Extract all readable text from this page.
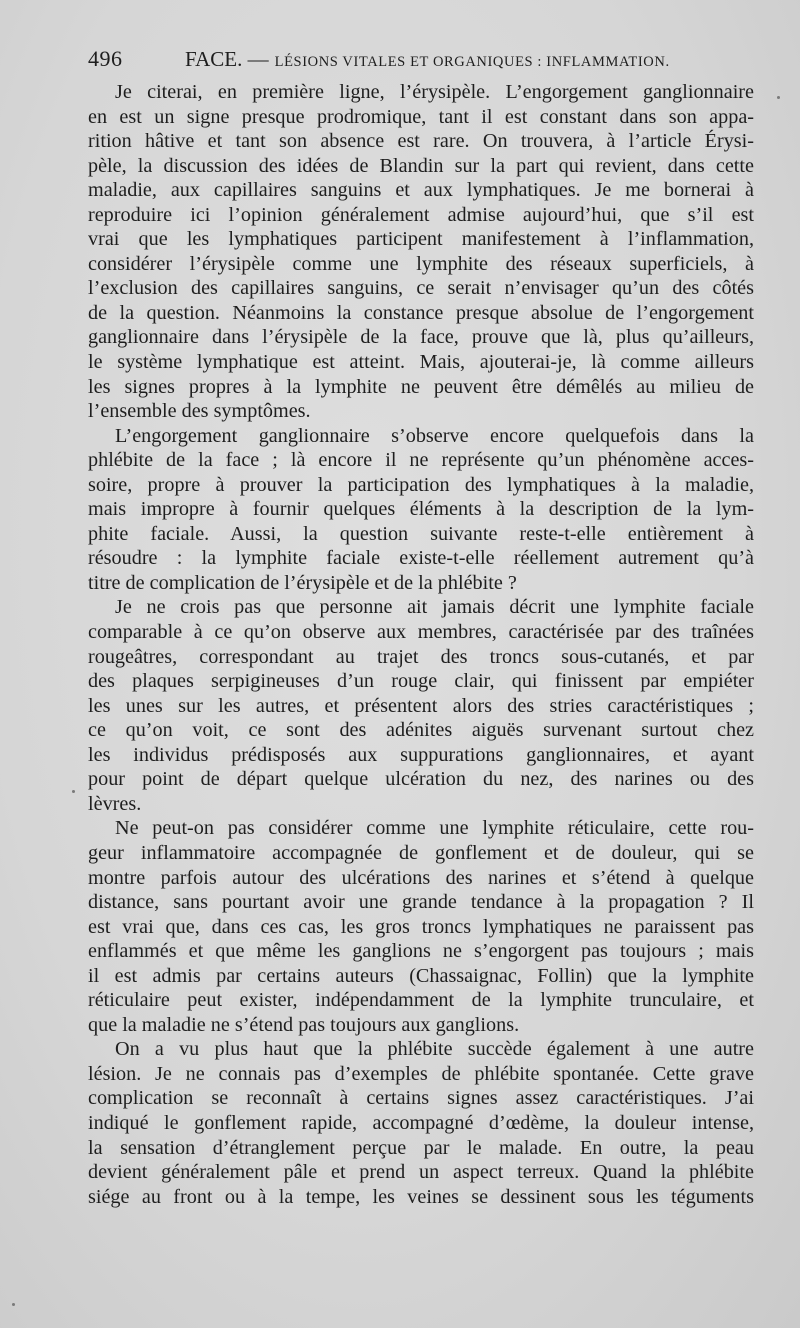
496	FACE. — LÉSIONS VITALES ET ORGANIQUES : INFLAMMATION.
Je citerai, en première ligne, l’érysipèle. L’engorgement ganglionnaire
en est un signe presque prodromique, tant il est constant dans son appa-
rition hâtive et tant son absence est rare. On trouvera, à l’article Érysi-
pèle, la discussion des idées de Blandin sur la part qui revient, dans cette
maladie, aux capillaires sanguins et aux lymphatiques. Je me bornerai à
reproduire ici l’opinion généralement admise aujourd’hui, que s’il est
vrai que les lymphatiques participent manifestement à l’inflammation,
considérer l’érysipèle comme une lymphite des réseaux superficiels, à
l’exclusion des capillaires sanguins, ce serait n’envisager qu’un des côtés
de la question. Néanmoins la constance presque absolue de l’engorgement
ganglionnaire dans l’érysipèle de la face, prouve que là, plus qu’ailleurs,
le système lymphatique est atteint. Mais, ajouterai-je, là comme ailleurs
les signes propres à la lymphite ne peuvent être démêlés au milieu de
l’ensemble des symptômes.
L’engorgement ganglionnaire s’observe encore quelquefois dans la
phlébite de la face ; là encore il ne représente qu’un phénomène acces-
soire, propre à prouver la participation des lymphatiques à la maladie,
mais impropre à fournir quelques éléments à la description de la lym-
phite faciale. Aussi, la question suivante reste-t-elle entièrement à
résoudre : la lymphite faciale existe-t-elle réellement autrement qu’à
titre de complication de l’érysipèle et de la phlébite ?
Je ne crois pas que personne ait jamais décrit une lymphite faciale
comparable à ce qu’on observe aux membres, caractérisée par des traînées
rougeâtres, correspondant au trajet des troncs sous-cutanés, et par
des plaques serpigineuses d’un rouge clair, qui finissent par empiéter
les unes sur les autres, et présentent alors des stries caractéristiques ;
ce qu’on voit, ce sont des adénites aiguës survenant surtout chez
les individus prédisposés aux suppurations ganglionnaires, et ayant
pour point de départ quelque ulcération du nez, des narines ou des
lèvres.
Ne peut-on pas considérer comme une lymphite réticulaire, cette rou-
geur inflammatoire accompagnée de gonflement et de douleur, qui se
montre parfois autour des ulcérations des narines et s’étend à quelque
distance, sans pourtant avoir une grande tendance à la propagation ? Il
est vrai que, dans ces cas, les gros troncs lymphatiques ne paraissent pas
enflammés et que même les ganglions ne s’engorgent pas toujours ; mais
il est admis par certains auteurs (Chassaignac, Follin) que la lymphite
réticulaire peut exister, indépendamment de la lymphite trunculaire, et
que la maladie ne s’étend pas toujours aux ganglions.
On a vu plus haut que la phlébite succède également à une autre
lésion. Je ne connais pas d’exemples de phlébite spontanée. Cette grave
complication se reconnaît à certains signes assez caractéristiques. J’ai
indiqué le gonflement rapide, accompagné d’œdème, la douleur intense,
la sensation d’étranglement perçue par le malade. En outre, la peau
devient généralement pâle et prend un aspect terreux. Quand la phlébite
siége au front ou à la tempe, les veines se dessinent sous les téguments
